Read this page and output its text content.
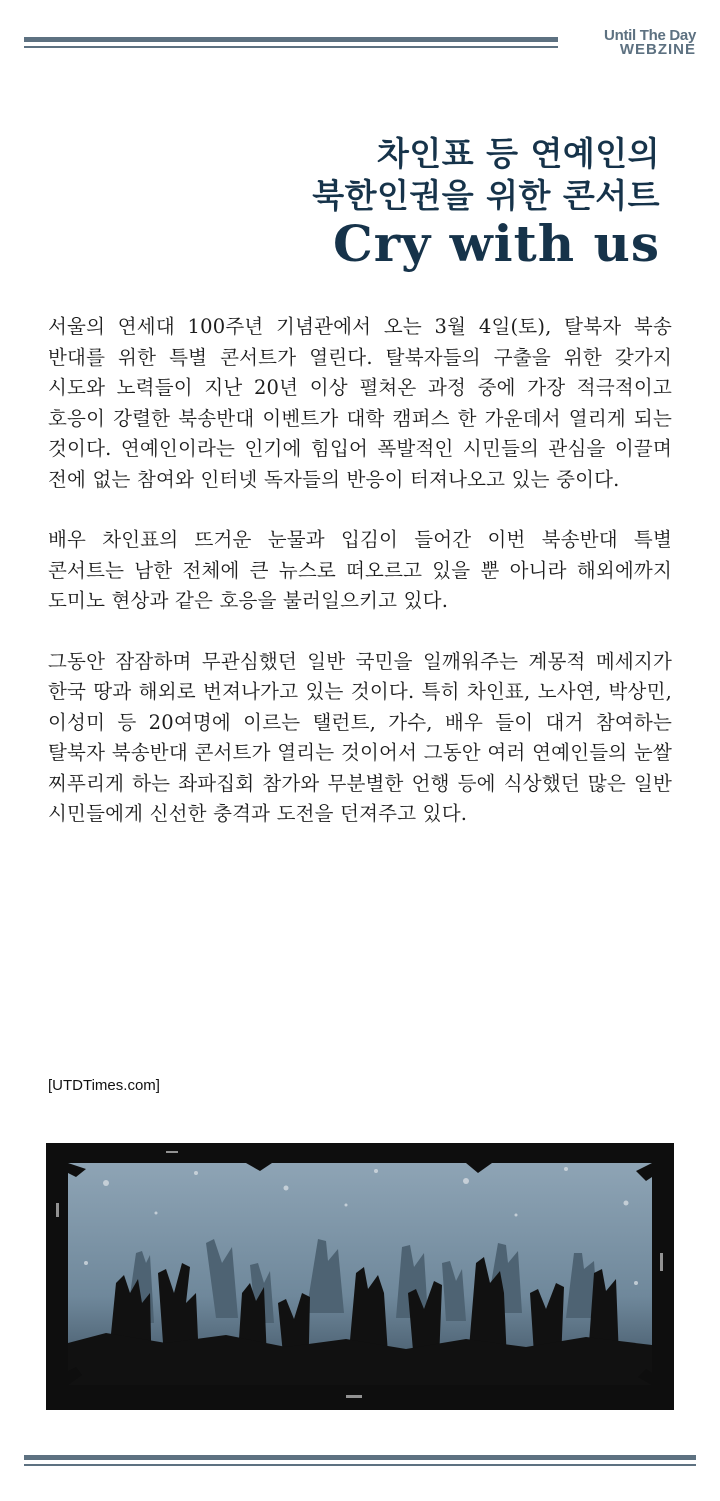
Until The Day
WEBZINE
차인표 등 연예인의
북한인권을 위한 콘서트
Cry with us

서울의 연세대 100주년 기념관에서 오는 3월 4일(토), 탈북자 북송 반대를 위한 특별 콘서트가 열린다. 탈북자들의 구출을 위한 갖가지 시도와 노력들이 지난 20년 이상 펼쳐온 과정 중에 가장 적극적이고 호응이 강렬한 북송반대 이벤트가 대학 캠퍼스 한 가운데서 열리게 되는 것이다. 연예인이라는 인기에 힘입어 폭발적인 시민들의 관심을 이끌며 전에 없는 참여와 인터넷 독자들의 반응이 터져나오고 있는 중이다.

배우 차인표의 뜨거운 눈물과 입김이 들어간 이번 북송반대 특별 콘서트는 남한 전체에 큰 뉴스로 떠오르고 있을 뿐 아니라 해외에까지 도미노 현상과 같은 호응을 불러일으키고 있다.

그동안 잠잠하며 무관심했던 일반 국민을 일깨워주는 계몽적 메세지가 한국 땅과 해외로 번져나가고 있는 것이다. 특히 차인표, 노사연, 박상민, 이성미 등 20여명에 이르는 탤런트, 가수, 배우 들이 대거 참여하는 탈북자 북송반대 콘서트가 열리는 것이어서 그동안 여러 연예인들의 눈쌀 찌푸리게 하는 좌파집회 참가와 무분별한 언행 등에 식상했던 많은 일반 시민들에게 신선한 충격과 도전을 던져주고 있다.

[UTDTimes.com]
